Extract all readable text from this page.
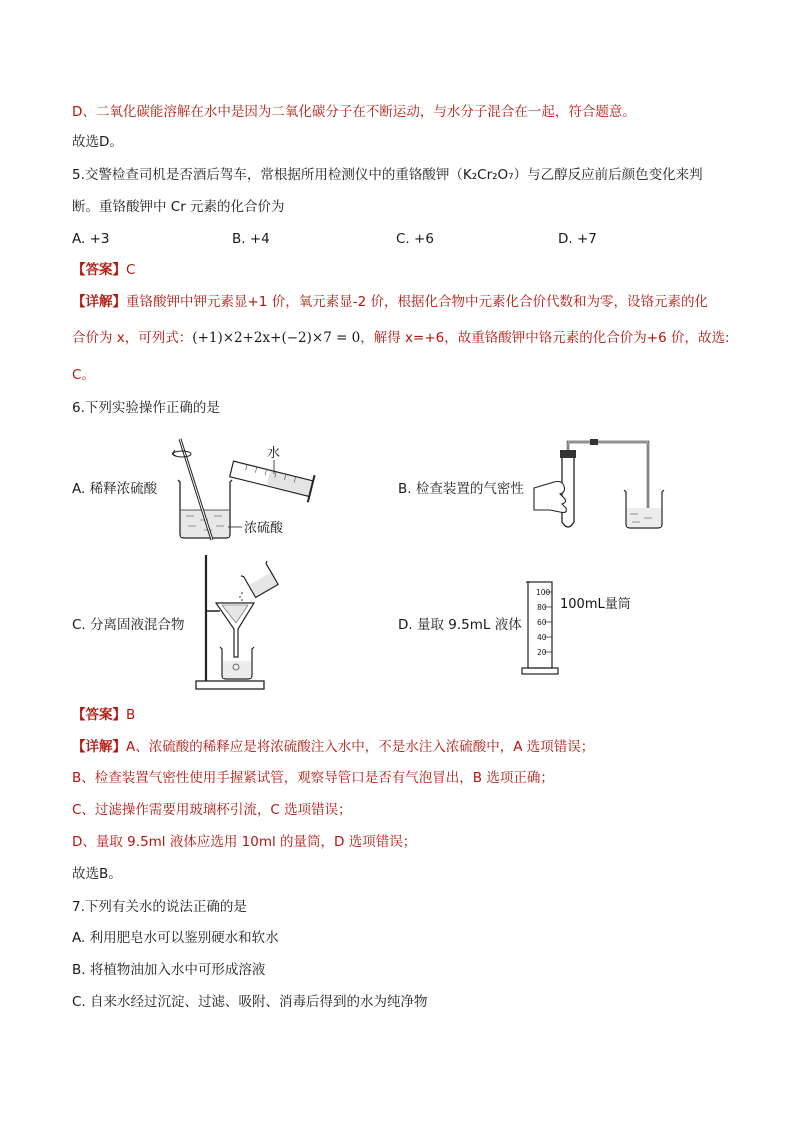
D、二氧化碳能溶解在水中是因为二氧化碳分子在不断运动，与水分子混合在一起，符合题意。
故选D。
5.交警检查司机是否酒后驾车，常根据所用检测仪中的重铬酸钾（K₂Cr₂O₇）与乙醇反应前后颜色变化来判
断。重铬酸钾中 Cr 元素的化合价为
A. +3	B. +4	C. +6	D. +7
【答案】C
【详解】重铬酸钾中钾元素显+1 价，氧元素显-2 价，根据化合物中元素化合价代数和为零，设铬元素的化
合价为 x，可列式：(+1)×2+2x+(−2)×7 = 0，解得 x=+6，故重铬酸钾中铬元素的化合价为+6 价，故选:
C。
6.下列实验操作正确的是
A. 稀释浓硫酸	B. 检查装置的气密性
C. 分离固液混合物	D. 量取 9.5mL 液体
水
浓硫酸
100
80
60
40
20
100mL量筒
【答案】B
【详解】A、浓硫酸的稀释应是将浓硫酸注入水中，不是水注入浓硫酸中，A 选项错误；
B、检查装置气密性使用手握紧试管，观察导管口是否有气泡冒出，B 选项正确；
C、过滤操作需要用玻璃杯引流，C 选项错误；
D、量取 9.5ml 液体应选用 10ml 的量筒，D 选项错误；
故选B。
7.下列有关水的说法正确的是
A. 利用肥皂水可以鉴别硬水和软水
B. 将植物油加入水中可形成溶液
C. 自来水经过沉淀、过滤、吸附、消毒后得到的水为纯净物
